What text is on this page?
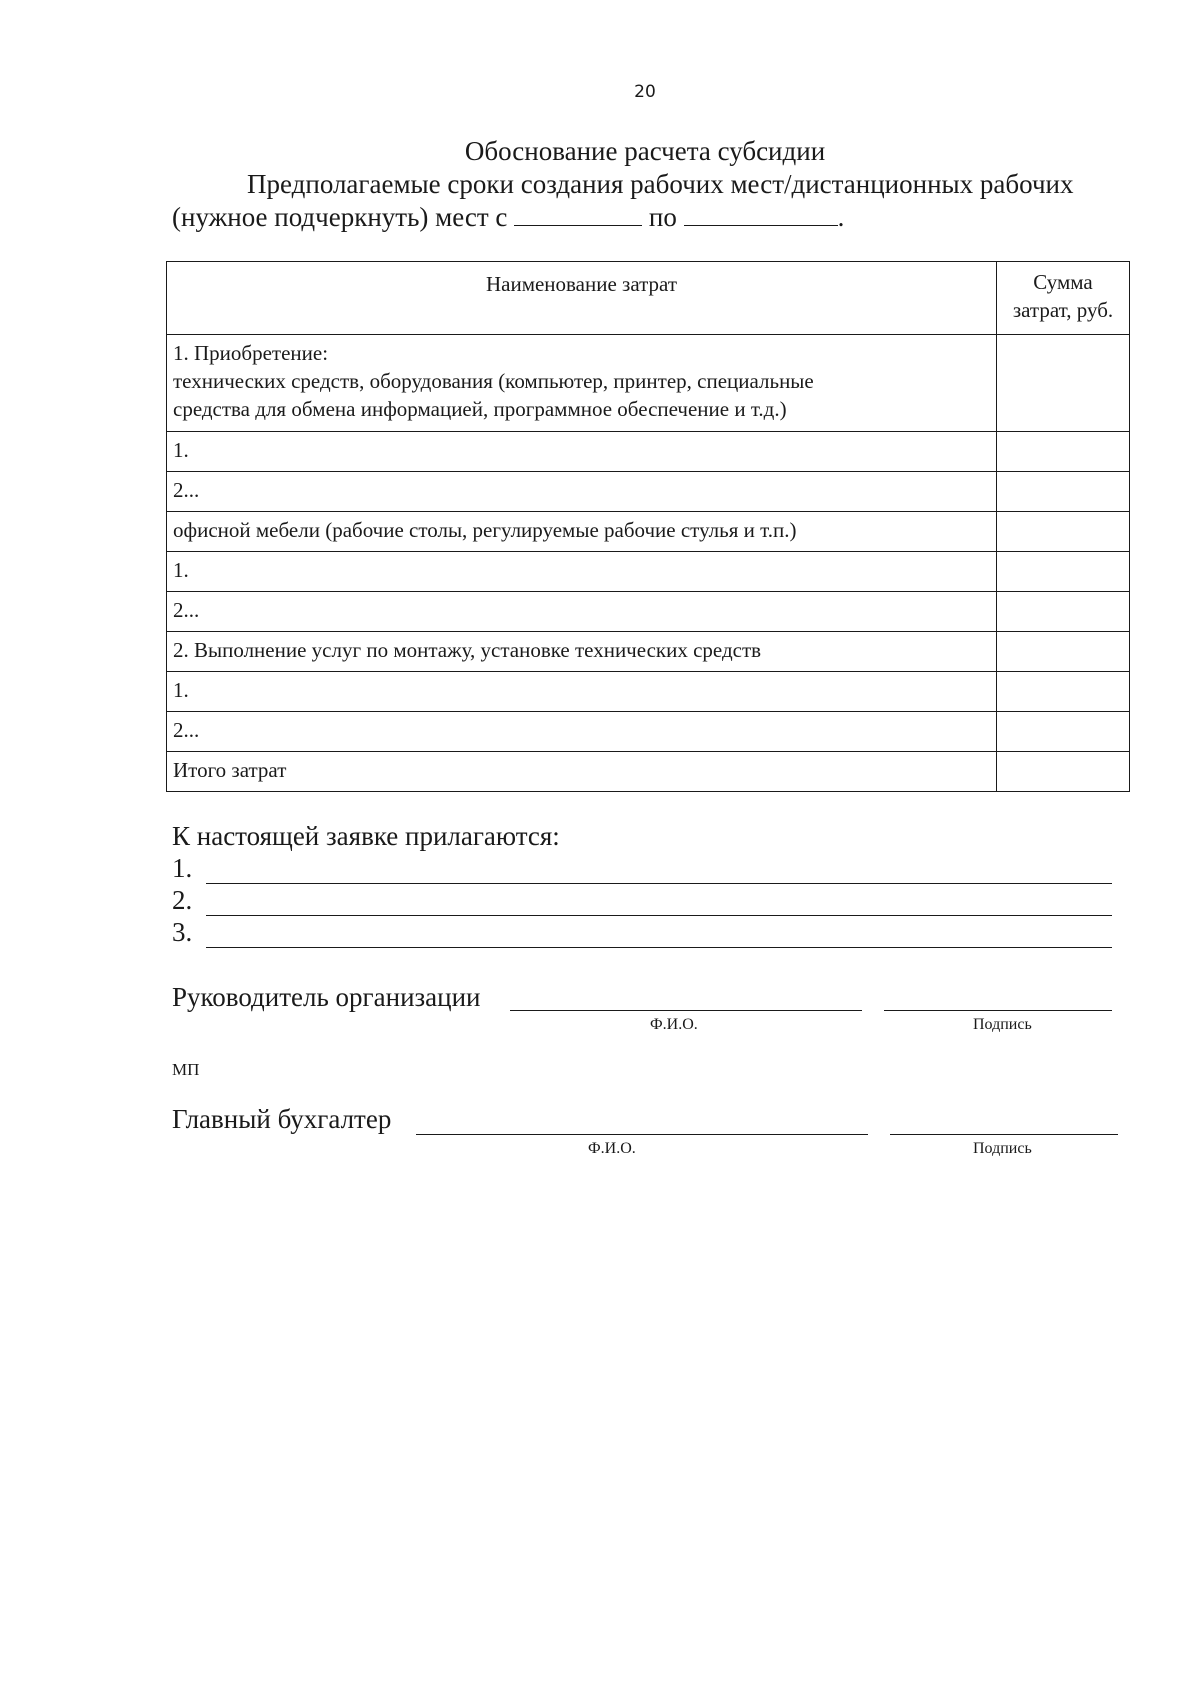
20
Обоснование расчета субсидии
Предполагаемые сроки создания рабочих мест/дистанционных рабочих (нужное подчеркнуть) мест с	по	.
Наименование затрат	Сумма
затрат, руб.

1. Приобретение:
технических средств, оборудования (компьютер, принтер, специальные
средства для обмена информацией, программное обеспечение и т.д.)	

1.	
2...	
офисной мебели (рабочие столы, регулируемые рабочие стулья и т.п.)	
1.	
2...	
2. Выполнение услуг по монтажу, установке технических средств	
1.	
2...	
Итого затрат	
К настоящей заявке прилагаются:
1.
2.
3.
Руководитель организации
Ф.И.О.	Подпись
МП
Главный бухгалтер
Ф.И.О.	Подпись
